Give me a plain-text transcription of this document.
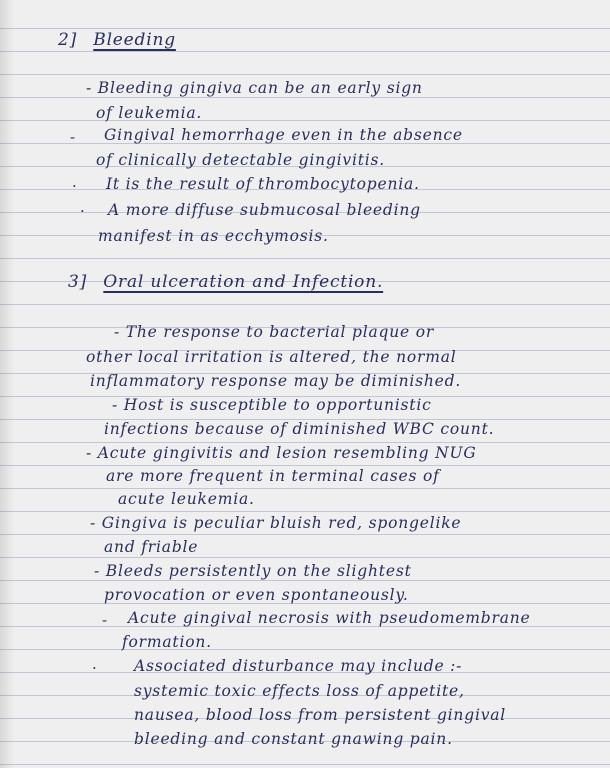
2] Bleeding
- Bleeding gingiva can be an early sign
of leukemia.
- Gingival hemorrhage even in the absence
of clinically detectable gingivitis.
· It is the result of thrombocytopenia.
· A more diffuse submucosal bleeding
manifest in as ecchymosis.
3] Oral ulceration and Infection.
- The response to bacterial plaque or
other local irritation is altered, the normal
inflammatory response may be diminished.
- Host is susceptible to opportunistic
infections because of diminished WBC count.
- Acute gingivitis and lesion resembling NUG
are more frequent in terminal cases of
acute leukemia.
- Gingiva is peculiar bluish red, spongelike
and friable
- Bleeds persistently on the slightest
provocation or even spontaneously.
- Acute gingival necrosis with pseudomembrane
formation.
· Associated disturbance may include :-
systemic toxic effects loss of appetite,
nausea, blood loss from persistent gingival
bleeding and constant gnawing pain.
